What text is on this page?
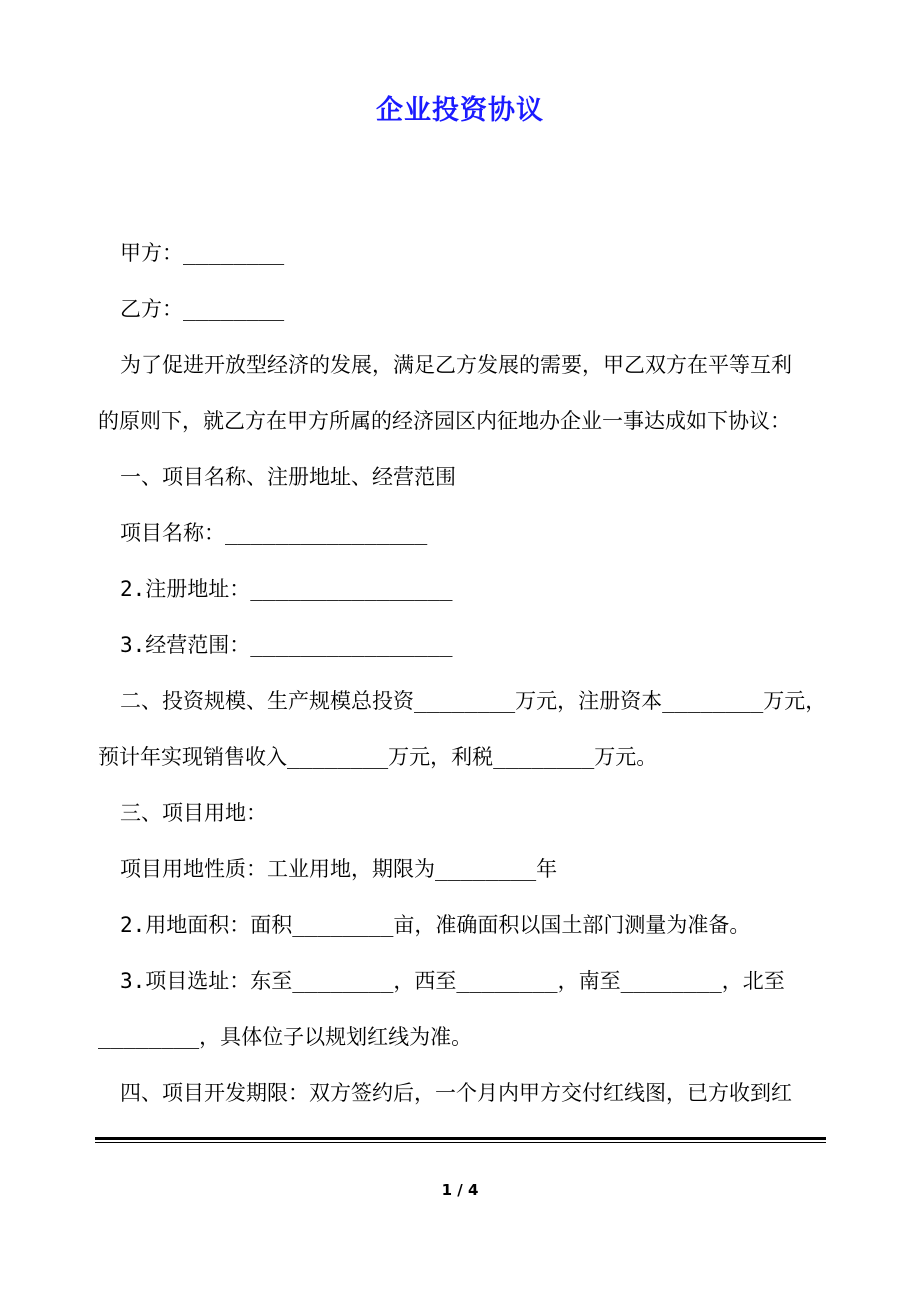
企业投资协议
甲方：________
乙方：________
为了促进开放型经济的发展，满足乙方发展的需要，甲乙双方在平等互利
的原则下，就乙方在甲方所属的经济园区内征地办企业一事达成如下协议：
一、项目名称、注册地址、经营范围
项目名称：________________
2.注册地址：________________
3.经营范围：________________
二、投资规模、生产规模总投资________万元，注册资本________万元，
预计年实现销售收入________万元，利税________万元。
三、项目用地：
项目用地性质：工业用地，期限为________年
2.用地面积：面积________亩，准确面积以国土部门测量为准备。
3.项目选址：东至________，西至________，南至________，北至
________，具体位子以规划红线为准。
四、项目开发期限：双方签约后，一个月内甲方交付红线图，已方收到红
1 / 4
